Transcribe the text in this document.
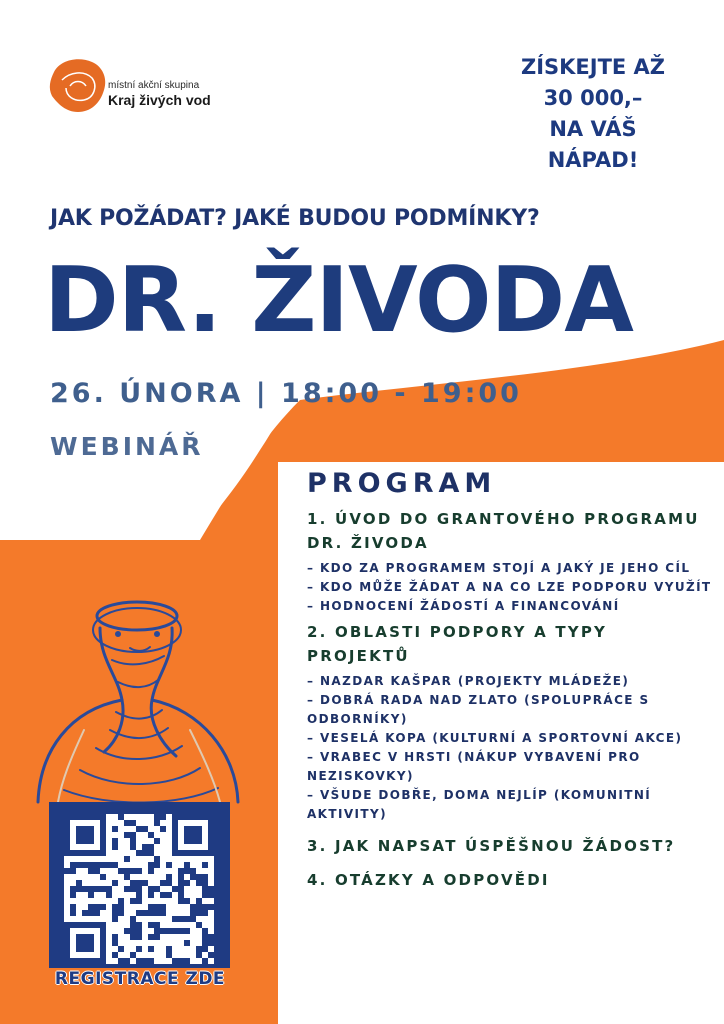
místní akční skupina
Kraj živých vod
ZÍSKEJTE AŽ
30 000,–
NA VÁŠ
NÁPAD!
JAK POŽÁDAT? JAKÉ BUDOU PODMÍNKY?
DR. ŽIVODA
26. ÚNORA | 18:00 - 19:00
WEBINÁŘ
PROGRAM
1. ÚVOD DO GRANTOVÉHO PROGRAMU DR. ŽIVODA
– KDO ZA PROGRAMEM STOJÍ A JAKÝ JE JEHO CÍL
– KDO MŮŽE ŽÁDAT A NA CO LZE PODPORU VYUŽÍT
– HODNOCENÍ ŽÁDOSTÍ A FINANCOVÁNÍ
2. OBLASTI PODPORY A TYPY PROJEKTŮ
– NAZDAR KAŠPAR (PROJEKTY MLÁDEŽE)
– DOBRÁ RADA NAD ZLATO (SPOLUPRÁCE S ODBORNÍKY)
– VESELÁ KOPA (KULTURNÍ A SPORTOVNÍ AKCE)
– VRABEC V HRSTI (NÁKUP VYBAVENÍ PRO NEZISKOVKY)
– VŠUDE DOBŘE, DOMA NEJLÍP (KOMUNITNÍ AKTIVITY)
3. JAK NAPSAT ÚSPĚŠNOU ŽÁDOST?
4. OTÁZKY A ODPOVĚDI
REGISTRACE ZDE
